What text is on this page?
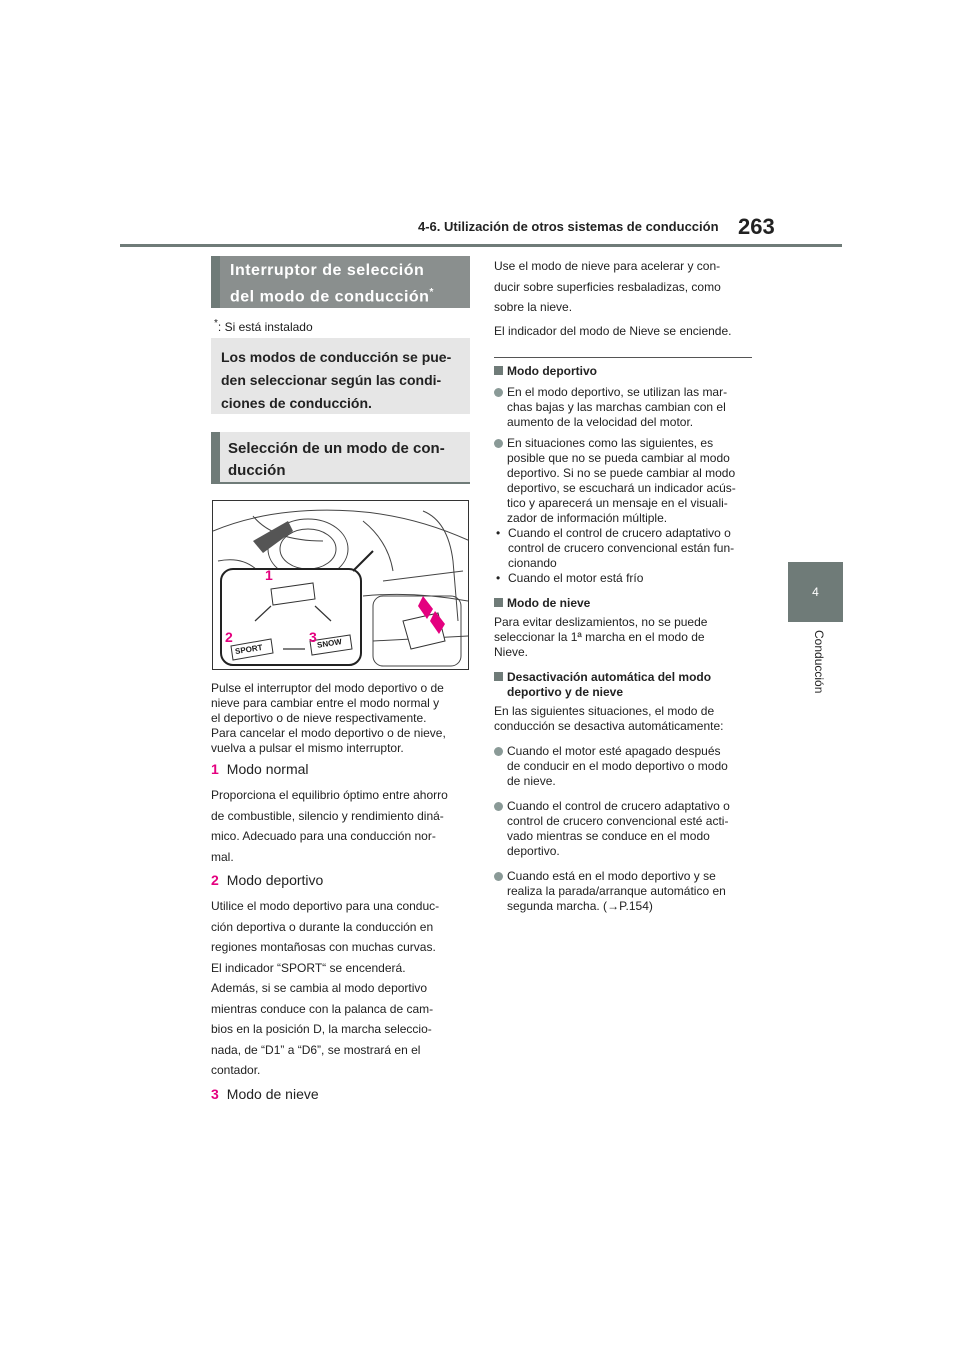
4-6. Utilización de otros sistemas de conducción 263
4
Conducción
Interruptor de selección
del modo de conducción*
*: Si está instalado
Los modos de conducción se pue-
den seleccionar según las condi-
ciones de conducción.
Selección de un modo de con-
ducción
1
2	3
SPORT	SNOW
Pulse el interruptor del modo deportivo o de
nieve para cambiar entre el modo normal y
el deportivo o de nieve respectivamente.
Para cancelar el modo deportivo o de nieve,
vuelva a pulsar el mismo interruptor.
1 Modo normal
Proporciona el equilibrio óptimo entre ahorro
de combustible, silencio y rendimiento diná-
mico. Adecuado para una conducción nor-
mal.
2 Modo deportivo
Utilice el modo deportivo para una conduc-
ción deportiva o durante la conducción en
regiones montañosas con muchas curvas.
El indicador “SPORT“ se encenderá.
Además, si se cambia al modo deportivo
mientras conduce con la palanca de cam-
bios en la posición D, la marcha seleccio-
nada, de “D1” a “D6”, se mostrará en el
contador.
3 Modo de nieve
Use el modo de nieve para acelerar y con-
ducir sobre superficies resbaladizas, como
sobre la nieve.
El indicador del modo de Nieve se enciende.
Modo deportivo
En el modo deportivo, se utilizan las mar-
chas bajas y las marchas cambian con el
aumento de la velocidad del motor.
En situaciones como las siguientes, es
posible que no se pueda cambiar al modo
deportivo. Si no se puede cambiar al modo
deportivo, se escuchará un indicador acús-
tico y aparecerá un mensaje en el visuali-
zador de información múltiple.
• Cuando el control de crucero adaptativo o
control de crucero convencional están fun-
cionando
• Cuando el motor está frío
Modo de nieve
Para evitar deslizamientos, no se puede
seleccionar la 1ª marcha en el modo de
Nieve.
Desactivación automática del modo
deportivo y de nieve
En las siguientes situaciones, el modo de
conducción se desactiva automáticamente:
Cuando el motor esté apagado después
de conducir en el modo deportivo o modo
de nieve.
Cuando el control de crucero adaptativo o
control de crucero convencional esté acti-
vado mientras se conduce en el modo
deportivo.
Cuando está en el modo deportivo y se
realiza la parada/arranque automático en
segunda marcha. (→P.154)
